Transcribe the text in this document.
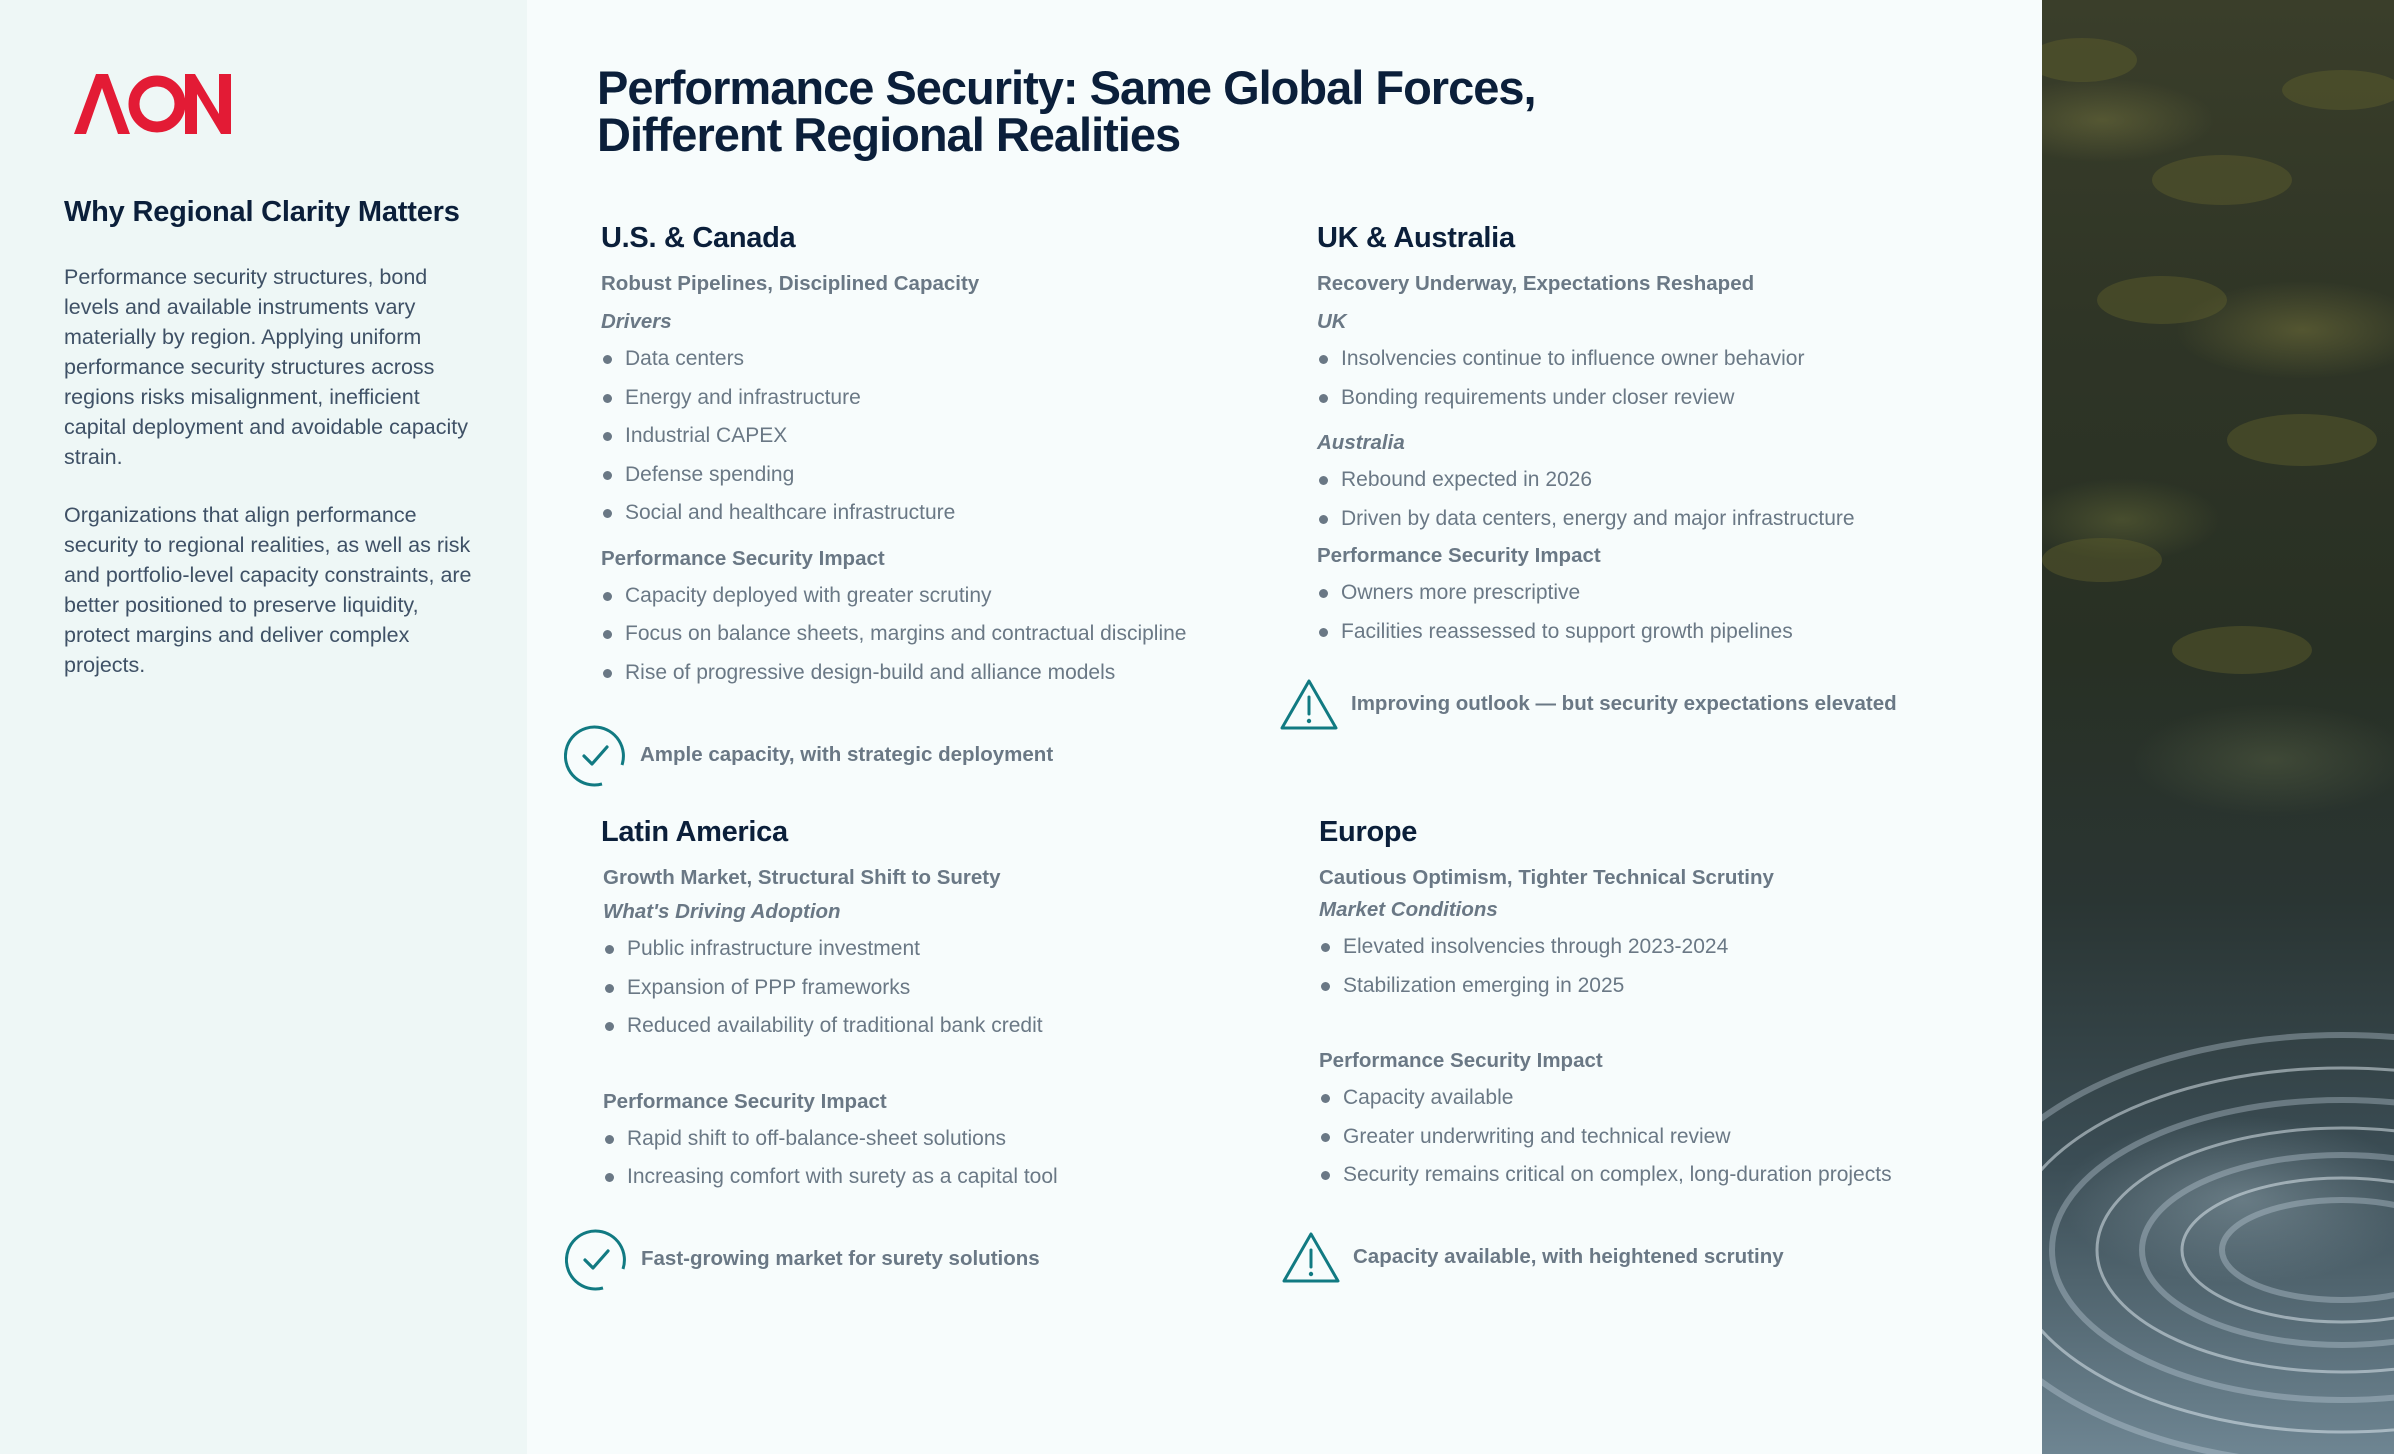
Why Regional Clarity Matters

Performance security structures, bond levels and available instruments vary materially by region. Applying uniform performance security structures across regions risks misalignment, inefficient capital deployment and avoidable capacity strain.

Organizations that align performance security to regional realities, as well as risk and portfolio-level capacity constraints, are better positioned to preserve liquidity, protect margins and deliver complex projects.

Performance Security: Same Global Forces,
Different Regional Realities
U.S. & Canada
Robust Pipelines, Disciplined Capacity
Drivers
Data centers
Energy and infrastructure
Industrial CAPEX
Defense spending
Social and healthcare infrastructure
Performance Security Impact
Capacity deployed with greater scrutiny
Focus on balance sheets, margins and contractual discipline
Rise of progressive design-build and alliance models
Ample capacity, with strategic deployment
UK & Australia
Recovery Underway, Expectations Reshaped
UK
Insolvencies continue to influence owner behavior
Bonding requirements under closer review
Australia
Rebound expected in 2026
Driven by data centers, energy and major infrastructure
Performance Security Impact
Owners more prescriptive
Facilities reassessed to support growth pipelines
Improving outlook — but security expectations elevated
Latin America
Growth Market, Structural Shift to Surety
What's Driving Adoption
Public infrastructure investment
Expansion of PPP frameworks
Reduced availability of traditional bank credit
Performance Security Impact
Rapid shift to off-balance-sheet solutions
Increasing comfort with surety as a capital tool
Fast-growing market for surety solutions
Europe
Cautious Optimism, Tighter Technical Scrutiny
Market Conditions
Elevated insolvencies through 2023-2024
Stabilization emerging in 2025
Performance Security Impact
Capacity available
Greater underwriting and technical review
Security remains critical on complex, long-duration projects
Capacity available, with heightened scrutiny
